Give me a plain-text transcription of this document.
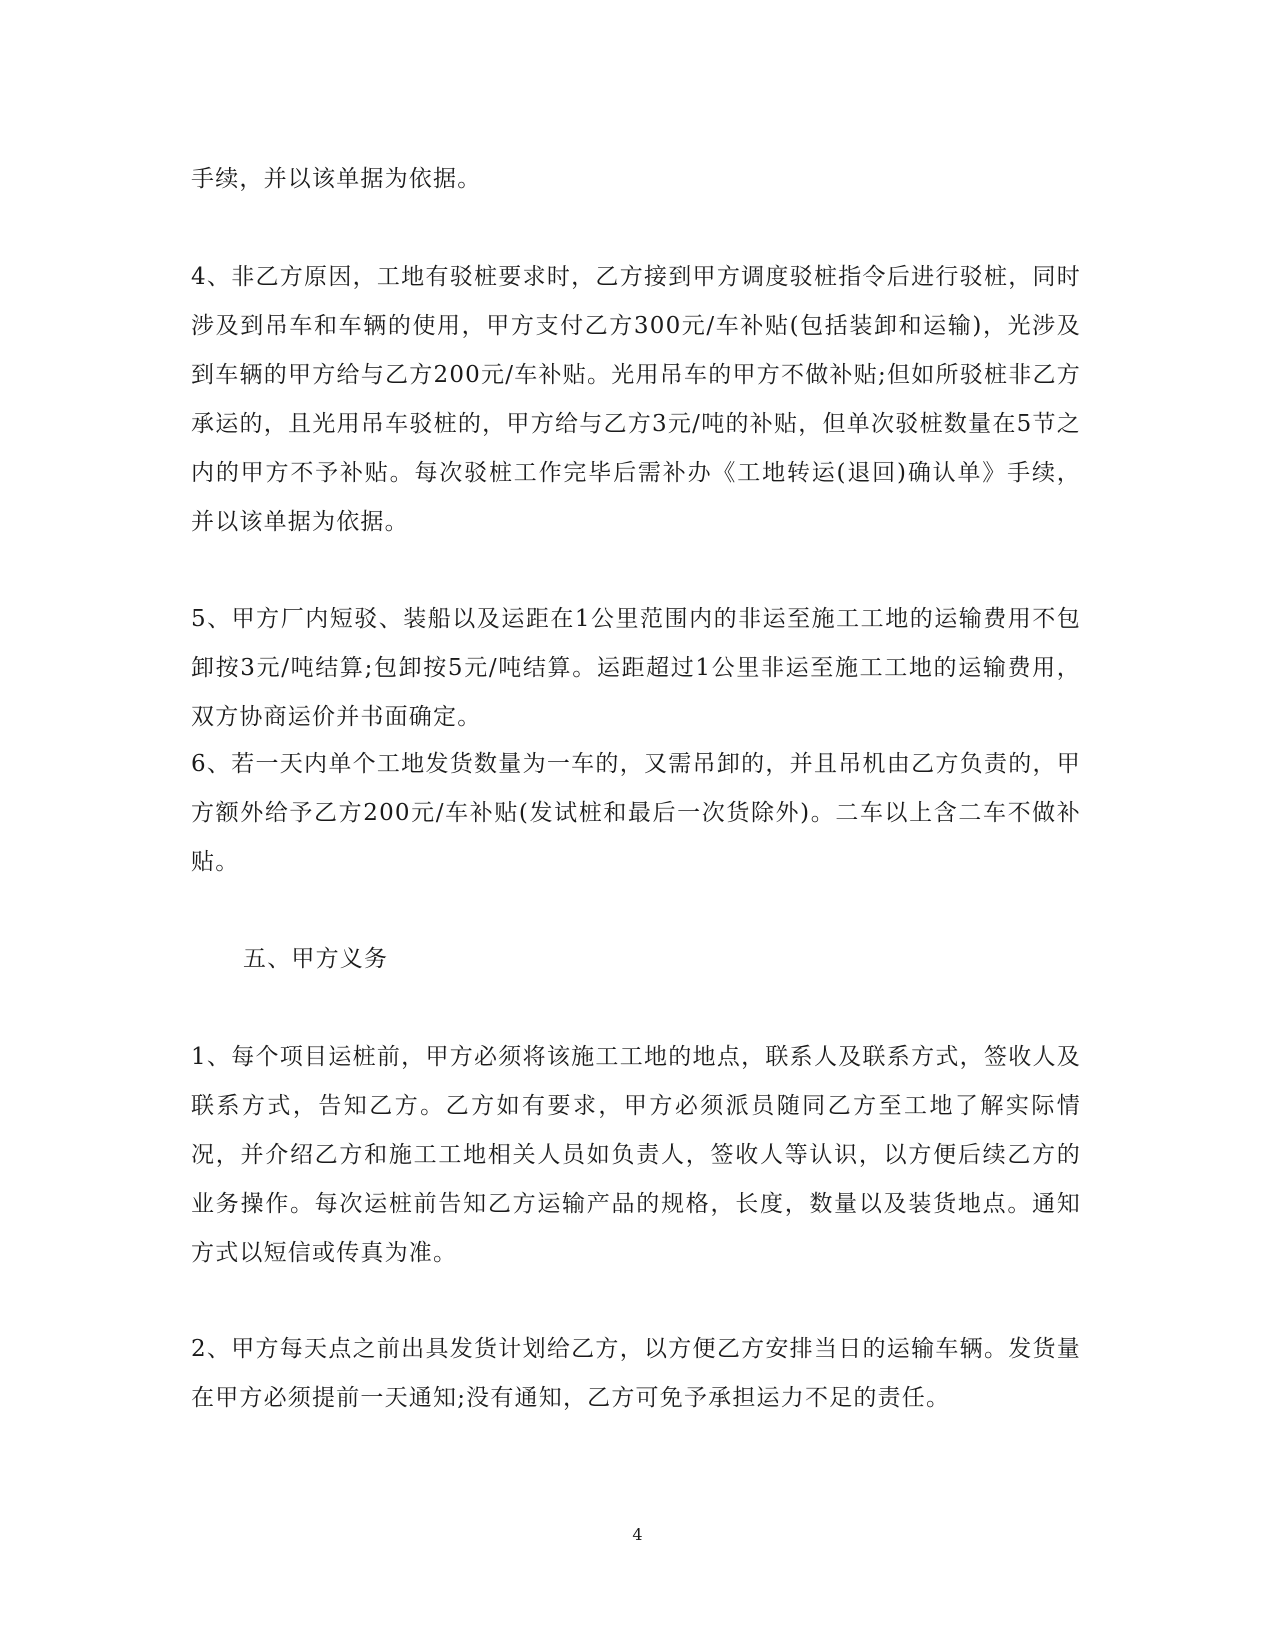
手续，并以该单据为依据。

4、非乙方原因，工地有驳桩要求时，乙方接到甲方调度驳桩指令后进行驳桩，同时涉及到吊车和车辆的使用，甲方支付乙方300元/车补贴(包括装卸和运输)，光涉及到车辆的甲方给与乙方200元/车补贴。光用吊车的甲方不做补贴;但如所驳桩非乙方承运的，且光用吊车驳桩的，甲方给与乙方3元/吨的补贴，但单次驳桩数量在5节之内的甲方不予补贴。每次驳桩工作完毕后需补办《工地转运(退回)确认单》手续，并以该单据为依据。

5、甲方厂内短驳、装船以及运距在1公里范围内的非运至施工工地的运输费用不包卸按3元/吨结算;包卸按5元/吨结算。运距超过1公里非运至施工工地的运输费用，双方协商运价并书面确定。

6、若一天内单个工地发货数量为一车的，又需吊卸的，并且吊机由乙方负责的，甲方额外给予乙方200元/车补贴(发试桩和最后一次货除外)。二车以上含二车不做补贴。

五、甲方义务

1、每个项目运桩前，甲方必须将该施工工地的地点，联系人及联系方式，签收人及联系方式，告知乙方。乙方如有要求，甲方必须派员随同乙方至工地了解实际情况，并介绍乙方和施工工地相关人员如负责人，签收人等认识，以方便后续乙方的业务操作。每次运桩前告知乙方运输产品的规格，长度，数量以及装货地点。通知方式以短信或传真为准。

2、甲方每天点之前出具发货计划给乙方，以方便乙方安排当日的运输车辆。发货量在甲方必须提前一天通知;没有通知，乙方可免予承担运力不足的责任。

4
